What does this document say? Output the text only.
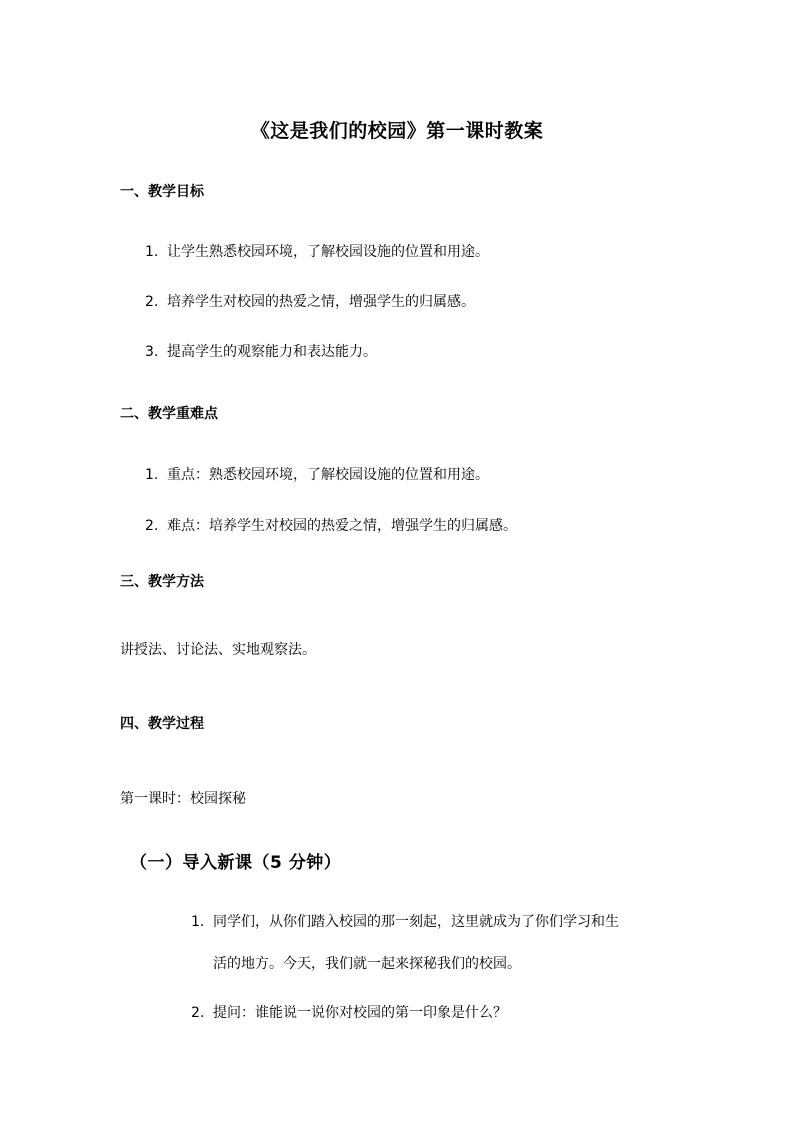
《这是我们的校园》第一课时教案
一、教学目标
1. 让学生熟悉校园环境，了解校园设施的位置和用途。
2. 培养学生对校园的热爱之情，增强学生的归属感。
3. 提高学生的观察能力和表达能力。
二、教学重难点
1. 重点：熟悉校园环境，了解校园设施的位置和用途。
2. 难点：培养学生对校园的热爱之情，增强学生的归属感。
三、教学方法
讲授法、讨论法、实地观察法。
四、教学过程
第一课时：校园探秘
（一）导入新课（5 分钟）
1. 同学们，从你们踏入校园的那一刻起，这里就成为了你们学习和生
活的地方。今天，我们就一起来探秘我们的校园。
2. 提问：谁能说一说你对校园的第一印象是什么？
